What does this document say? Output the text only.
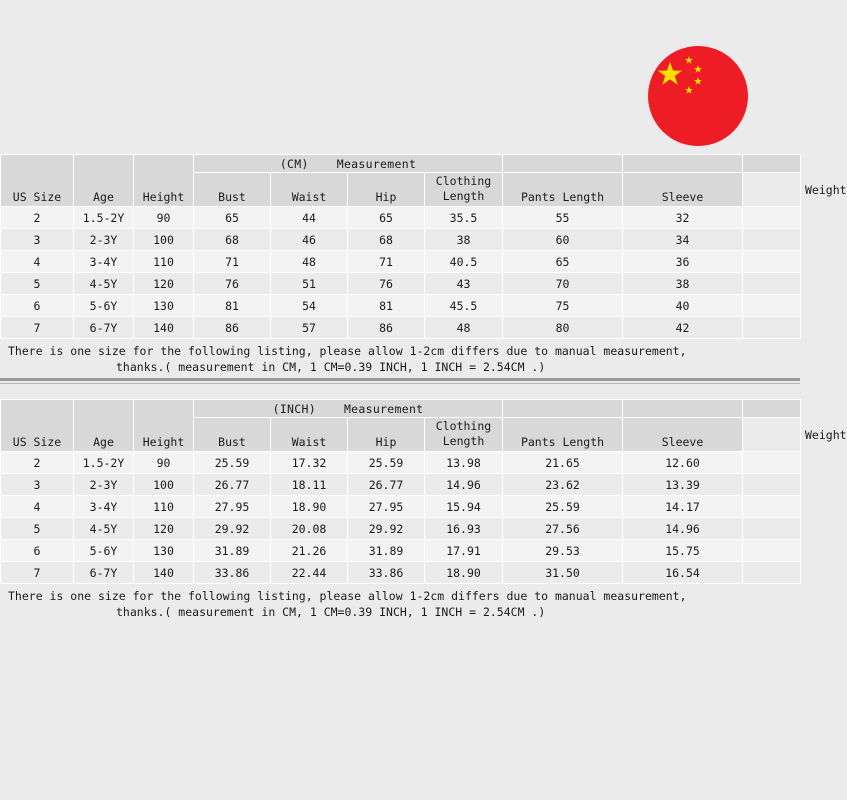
US Size	Age	Height	(CM) Measurement							Weight
			Bust	Waist	Hip	Clothing Length	Pants Length	Sleeve		
2	1.5-2Y	90	65	44	65	35.5	55	32		
3	2-3Y	100	68	46	68	38	60	34		
4	3-4Y	110	71	48	71	40.5	65	36		
5	4-5Y	120	76	51	76	43	70	38		
6	5-6Y	130	81	54	81	45.5	75	40		
7	6-7Y	140	86	57	86	48	80	42		
There is one size for the following listing, please allow 1-2cm differs due to manual measurement,
thanks.( measurement in CM, 1 CM=0.39 INCH, 1 INCH = 2.54CM .)
US Size	Age	Height	(INCH) Measurement							Weight
			Bust	Waist	Hip	Clothing Length	Pants Length	Sleeve		
2	1.5-2Y	90	25.59	17.32	25.59	13.98	21.65	12.60		
3	2-3Y	100	26.77	18.11	26.77	14.96	23.62	13.39		
4	3-4Y	110	27.95	18.90	27.95	15.94	25.59	14.17		
5	4-5Y	120	29.92	20.08	29.92	16.93	27.56	14.96		
6	5-6Y	130	31.89	21.26	31.89	17.91	29.53	15.75		
7	6-7Y	140	33.86	22.44	33.86	18.90	31.50	16.54		
There is one size for the following listing, please allow 1-2cm differs due to manual measurement,
thanks.( measurement in CM, 1 CM=0.39 INCH, 1 INCH = 2.54CM .)
